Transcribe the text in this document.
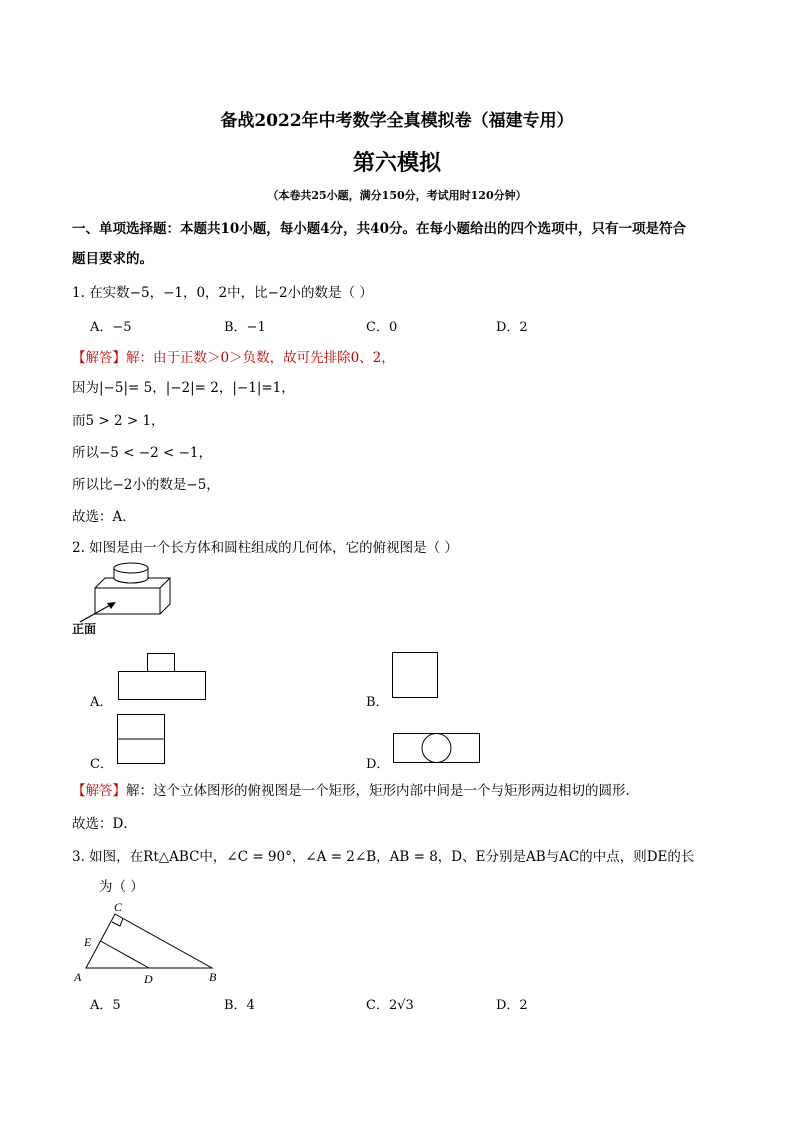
备战2022年中考数学全真模拟卷（福建专用）
第六模拟
（本卷共25小题，满分150分，考试用时120分钟）
一、单项选择题：本题共10小题，每小题4分，共40分。在每小题给出的四个选项中，只有一项是符合
题目要求的。
1. 在实数−5，−1，0，2中，比−2小的数是（ ）
A．−5	B．−1	C．0	D．2
【解答】解：由于正数＞0＞负数，故可先排除0、2，
因为|−5|= 5，|−2|= 2，|−1|=1，
而5 > 2 > 1，
所以−5 < −2 < −1，
所以比−2小的数是−5，
故选：A．
2. 如图是由一个长方体和圆柱组成的几何体，它的俯视图是（ ）
正面
A．	B．
C．	D．
【解答】解：这个立体图形的俯视图是一个矩形，矩形内部中间是一个与矩形两边相切的圆形．
故选：D．
3. 如图，在Rt△ABC中，∠C = 90°，∠A = 2∠B，AB = 8，D、E分别是AB与AC的中点，则DE的长
为（ ）
C
E
A	D	B
A．5	B．4	C．2√3	D．2
